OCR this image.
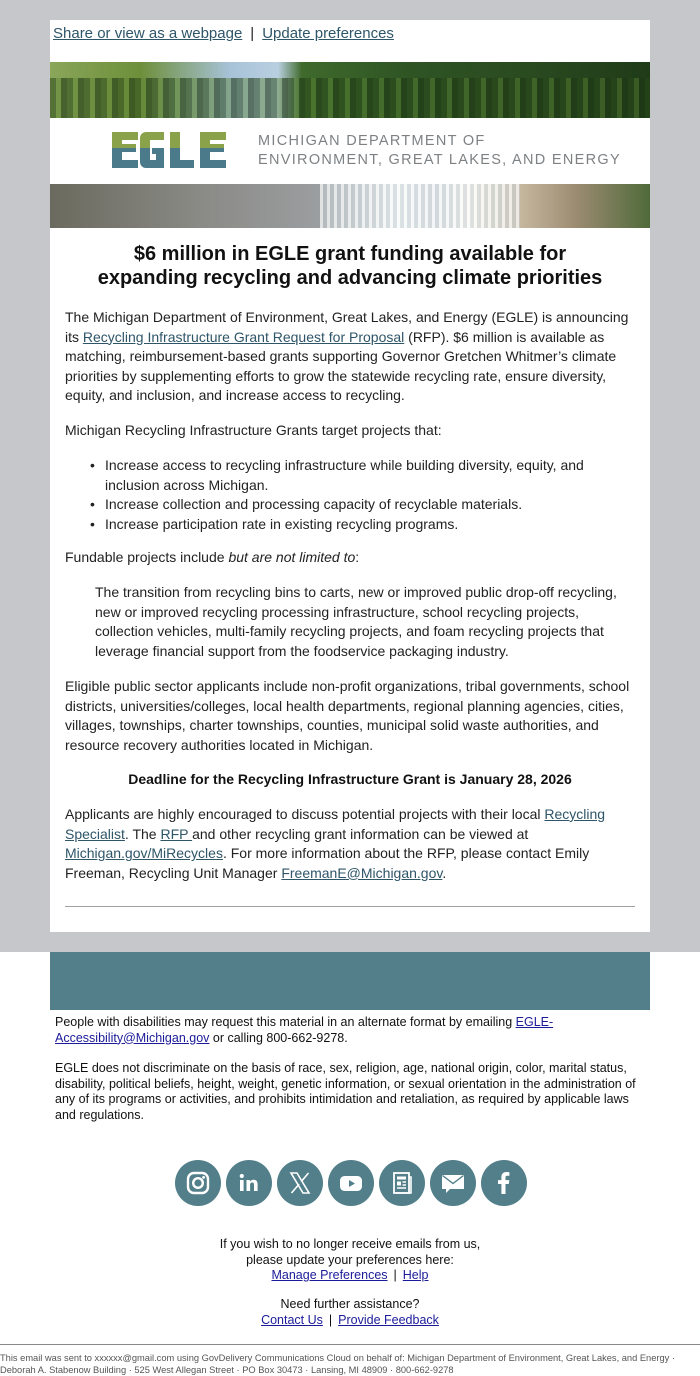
Share or view as a webpage | Update preferences
MICHIGAN DEPARTMENT OF
ENVIRONMENT, GREAT LAKES, AND ENERGY
$6 million in EGLE grant funding available for
expanding recycling and advancing climate priorities
The Michigan Department of Environment, Great Lakes, and Energy (EGLE) is announcing its Recycling Infrastructure Grant Request for Proposal (RFP). $6 million is available as matching, reimbursement-based grants supporting Governor Gretchen Whitmer’s climate priorities by supplementing efforts to grow the statewide recycling rate, ensure diversity, equity, and inclusion, and increase access to recycling.
Michigan Recycling Infrastructure Grants target projects that:
• Increase access to recycling infrastructure while building diversity, equity, and inclusion across Michigan.
• Increase collection and processing capacity of recyclable materials.
• Increase participation rate in existing recycling programs.
Fundable projects include but are not limited to:
The transition from recycling bins to carts, new or improved public drop-off recycling, new or improved recycling processing infrastructure, school recycling projects, collection vehicles, multi-family recycling projects, and foam recycling projects that leverage financial support from the foodservice packaging industry.
Eligible public sector applicants include non-profit organizations, tribal governments, school districts, universities/colleges, local health departments, regional planning agencies, cities, villages, townships, charter townships, counties, municipal solid waste authorities, and resource recovery authorities located in Michigan.
Deadline for the Recycling Infrastructure Grant is January 28, 2026
Applicants are highly encouraged to discuss potential projects with their local Recycling Specialist. The RFP and other recycling grant information can be viewed at Michigan.gov/MiRecycles. For more information about the RFP, please contact Emily Freeman, Recycling Unit Manager FreemanE@Michigan.gov.
People with disabilities may request this material in an alternate format by emailing EGLE-Accessibility@Michigan.gov or calling 800-662-9278.
EGLE does not discriminate on the basis of race, sex, religion, age, national origin, color, marital status, disability, political beliefs, height, weight, genetic information, or sexual orientation in the administration of any of its programs or activities, and prohibits intimidation and retaliation, as required by applicable laws and regulations.
If you wish to no longer receive emails from us,
please update your preferences here:
Manage Preferences | Help
Need further assistance?
Contact Us | Provide Feedback
This email was sent to xxxxxx@gmail.com using GovDelivery Communications Cloud on behalf of: Michigan Department of Environment, Great Lakes, and Energy · Deborah A. Stabenow Building · 525 West Allegan Street · PO Box 30473 · Lansing, MI 48909 · 800-662-9278
